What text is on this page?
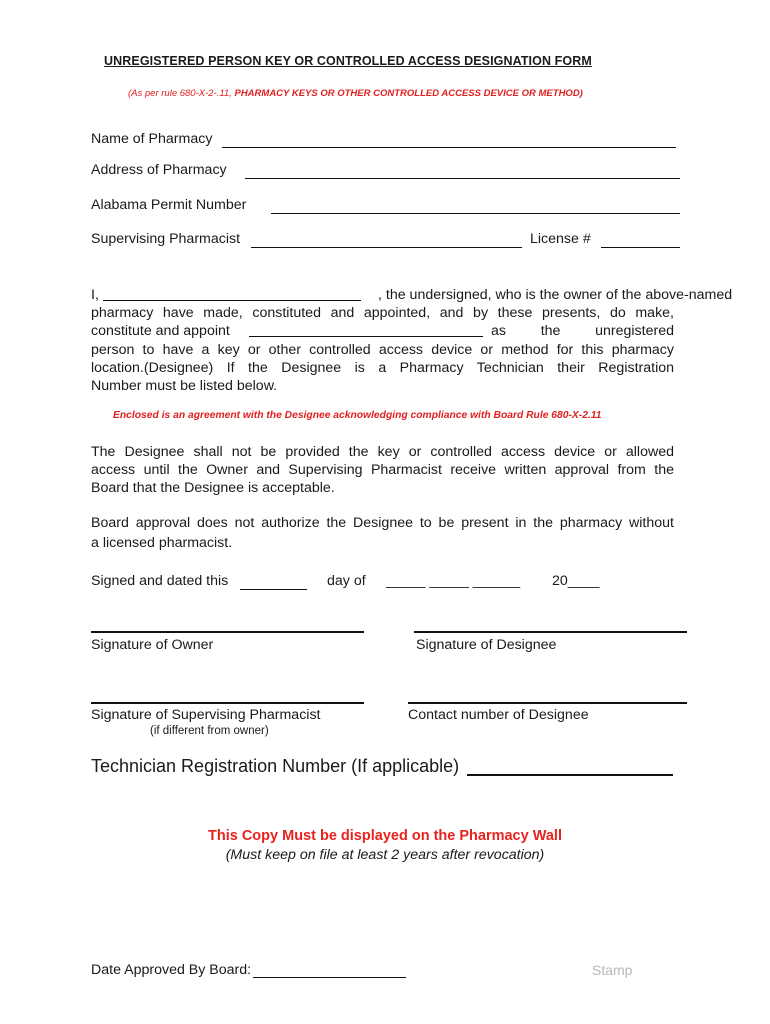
UNREGISTERED PERSON KEY OR CONTROLLED ACCESS DESIGNATION FORM
(As per rule 680-X-2-.11, PHARMACY KEYS OR OTHER CONTROLLED ACCESS DEVICE OR METHOD)
Name of Pharmacy
Address of Pharmacy
Alabama Permit Number
Supervising Pharmacist	License #
I,	, the undersigned, who is the owner of the above-named
pharmacy have made, constituted and appointed, and by these presents, do make,
constitute and appoint	as the unregistered
person to have a key or other controlled access device or method for this pharmacy
location.(Designee) If the Designee is a Pharmacy Technician their Registration
Number must be listed below.
Enclosed is an agreement with the Designee acknowledging compliance with Board Rule 680-X-2.11
The Designee shall not be provided the key or controlled access device or allowed
access until the Owner and Supervising Pharmacist receive written approval from the
Board that the Designee is acceptable.
Board approval does not authorize the Designee to be present in the pharmacy without
a licensed pharmacist.
Signed and dated this	day of _____ _____ ______ 20____
Signature of Owner	Signature of Designee
Signature of Supervising Pharmacist
(if different from owner)
Contact number of Designee
Technician Registration Number (If applicable)
This Copy Must be displayed on the Pharmacy Wall
(Must keep on file at least 2 years after revocation)
Date Approved By Board:	Stamp
